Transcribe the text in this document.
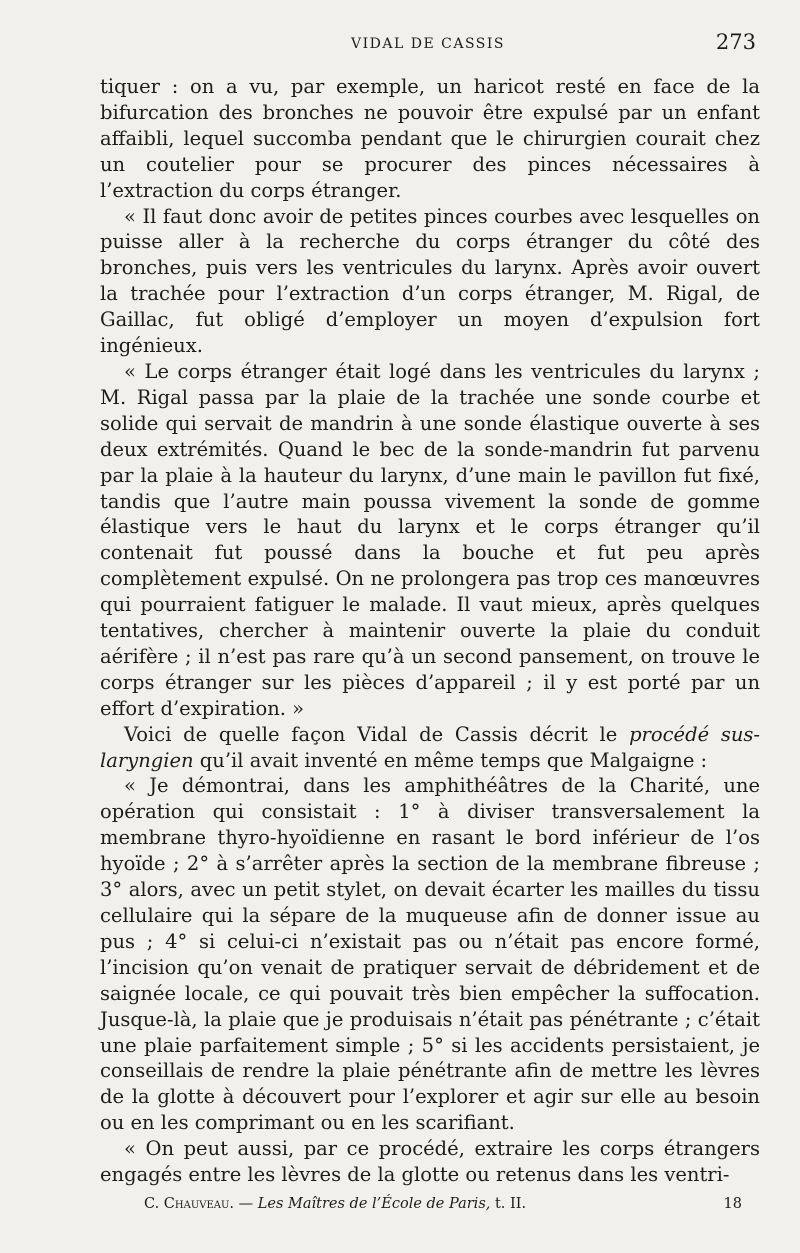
VIDAL DE CASSIS	273

tiquer : on a vu, par exemple, un haricot resté en face de la bifurcation des bronches ne pouvoir être expulsé par un enfant affaibli, lequel succomba pendant que le chirurgien courait chez un coutelier pour se procurer des pinces nécessaires à l’extraction du corps étranger.

« Il faut donc avoir de petites pinces courbes avec lesquelles on puisse aller à la recherche du corps étranger du côté des bronches, puis vers les ventricules du larynx. Après avoir ouvert la trachée pour l’extraction d’un corps étranger, M. Rigal, de Gaillac, fut obligé d’employer un moyen d’expulsion fort ingénieux.

« Le corps étranger était logé dans les ventricules du larynx ; M. Rigal passa par la plaie de la trachée une sonde courbe et solide qui servait de mandrin à une sonde élastique ouverte à ses deux extrémités. Quand le bec de la sonde-mandrin fut parvenu par la plaie à la hauteur du larynx, d’une main le pavillon fut fixé, tandis que l’autre main poussa vivement la sonde de gomme élastique vers le haut du larynx et le corps étranger qu’il contenait fut poussé dans la bouche et fut peu après complètement expulsé. On ne prolongera pas trop ces manœuvres qui pourraient fatiguer le malade. Il vaut mieux, après quelques tentatives, chercher à maintenir ouverte la plaie du conduit aérifère ; il n’est pas rare qu’à un second pansement, on trouve le corps étranger sur les pièces d’appareil ; il y est porté par un effort d’expiration. »

Voici de quelle façon Vidal de Cassis décrit le procédé sus-laryngien qu’il avait inventé en même temps que Malgaigne :

« Je démontrai, dans les amphithéâtres de la Charité, une opération qui consistait : 1° à diviser transversalement la membrane thyro-hyoïdienne en rasant le bord inférieur de l’os hyoïde ; 2° à s’arrêter après la section de la membrane fibreuse ; 3° alors, avec un petit stylet, on devait écarter les mailles du tissu cellulaire qui la sépare de la muqueuse afin de donner issue au pus ; 4° si celui-ci n’existait pas ou n’était pas encore formé, l’incision qu’on venait de pratiquer servait de débridement et de saignée locale, ce qui pouvait très bien empêcher la suffocation. Jusque-là, la plaie que je produisais n’était pas pénétrante ; c’était une plaie parfaitement simple ; 5° si les accidents persistaient, je conseillais de rendre la plaie pénétrante afin de mettre les lèvres de la glotte à découvert pour l’explorer et agir sur elle au besoin ou en les comprimant ou en les scarifiant.

« On peut aussi, par ce procédé, extraire les corps étrangers engagés entre les lèvres de la glotte ou retenus dans les ventri-

C. Chauveau. — Les Maîtres de l’École de Paris, t. II.	18
